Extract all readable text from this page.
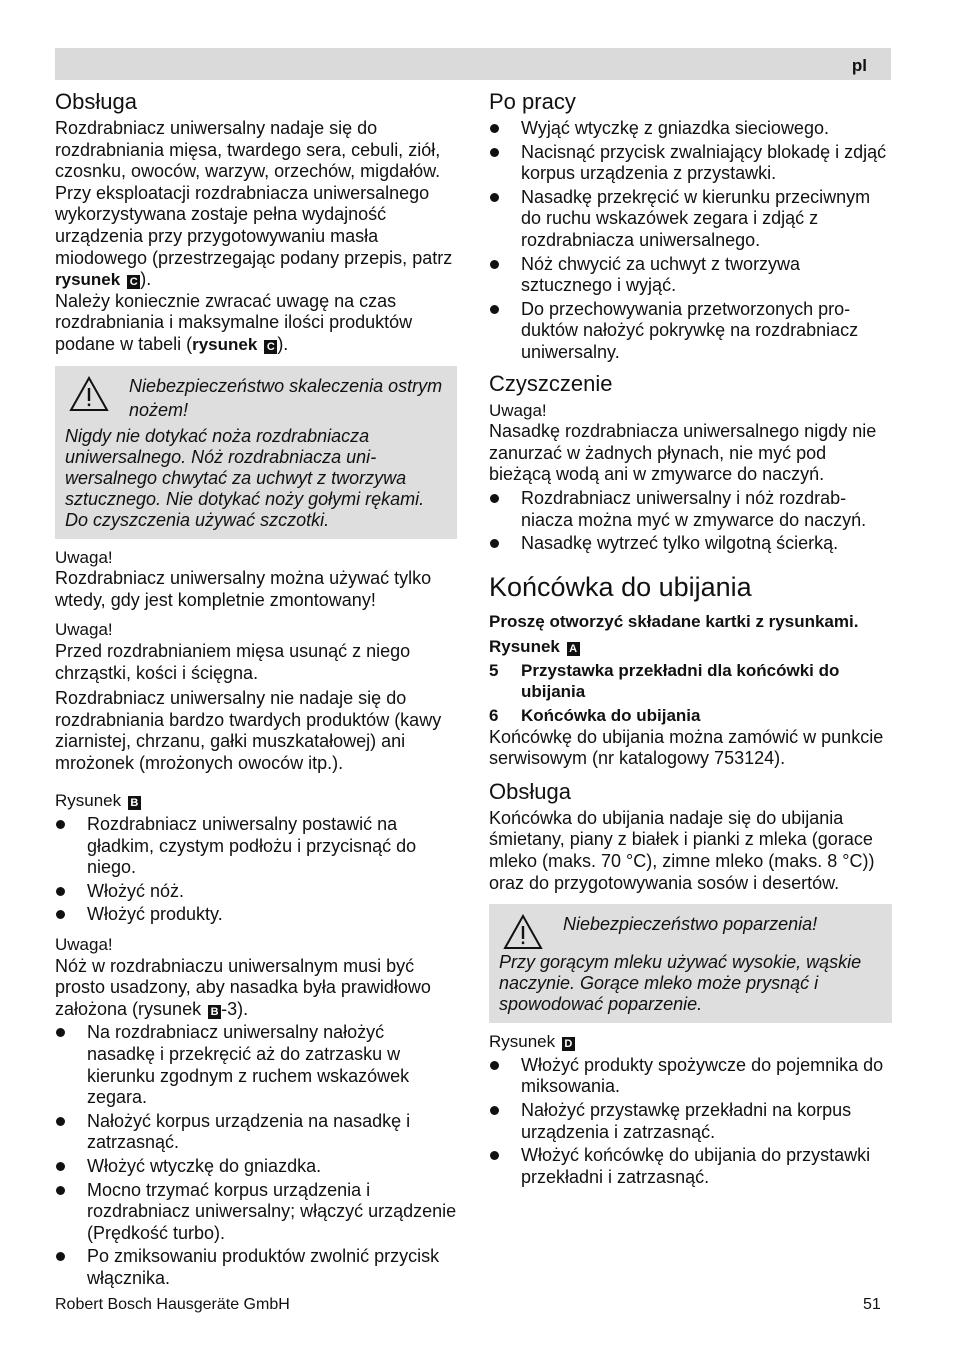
pl
Obsługa

Rozdrabniacz uniwersalny nadaje się do rozdrabniania mięsa, twardego sera, cebuli, ziół, czosnku, owoców, warzyw, orzechów, migdałów. Przy eksploatacji rozdrabniacza uniwersalnego wykorzystywana zostaje pełna wydajność urządzenia przy przygotowywaniu masła miodowego (przestrzegając podany przepis, patrz rysunek C ).

Należy koniecznie zwracać uwagę na czas rozdrabniania i maksymalne ilości produktów podane w tabeli (rysunek C ).

Niebezpieczeństwo skaleczenia ostrym nożem!
Nigdy nie dotykać noża rozdrabniacza uniwersalnego. Nóż rozdrabniacza uniwersalnego chwytać za uchwyt z tworzywa sztucznego. Nie dotykać noży gołymi rękami. Do czyszczenia używać szczotki.

Uwaga!

Rozdrabniacz uniwersalny można używać tylko wtedy, gdy jest kompletnie zmontowany!

Uwaga!

Przed rozdrabnianiem mięsa usunąć z niego chrząstki, kości i ścięgna.

Rozdrabniacz uniwersalny nie nadaje się do rozdrabniania bardzo twardych produktów (kawy ziarnistej, chrzanu, gałki muszkatałowej) ani mrożonek (mrożonych owoców itp.).

Rysunek B

Rozdrabniacz uniwersalny postawić na gładkim, czystym podłożu i przycisnąć do niego.
Włożyć nóż.
Włożyć produkty.

Uwaga!

Nóż w rozdrabniaczu uniwersalnym musi być prosto usadzony, aby nasadka była prawidłowo założona (rysunek B -3).

Na rozdrabniacz uniwersalny nałożyć nasadkę i przekręcić aż do zatrzasku w kierunku zgodnym z ruchem wskazówek zegara.
Nałożyć korpus urządzenia na nasadkę i zatrzasnąć.
Włożyć wtyczkę do gniazdka.
Mocno trzymać korpus urządzenia i rozdrabniacz uniwersalny; włączyć urządzenie (Prędkość turbo).
Po zmiksowaniu produktów zwolnić przycisk włącznika.
Po pracy
Wyjąć wtyczkę z gniazdka sieciowego.
Nacisnąć przycisk zwalniający blokadę i zdjąć korpus urządzenia z przystawki.
Nasadkę przekręcić w kierunku przeciwnym do ruchu wskazówek zegara i zdjąć z rozdrabniacza uniwersalnego.
Nóż chwycić za uchwyt z tworzywa sztucznego i wyjąć.
Do przechowywania przetworzonych produktów nałożyć pokrywkę na rozdrabniacz uniwersalny.
Czyszczenie

Uwaga!

Nasadkę rozdrabniacza uniwersalnego nigdy nie zanurzać w żadnych płynach, nie myć pod bieżącą wodą ani w zmywarce do naczyń.

Rozdrabniacz uniwersalny i nóż rozdrabniacza można myć w zmywarce do naczyń.
Nasadkę wytrzeć tylko wilgotną ścierką.
Końcówka do ubijania

Proszę otworzyć składane kartki z rysunkami.

Rysunek A

5 Przystawka przekładni dla końcówki do ubijania
6 Końcówka do ubijania

Końcówkę do ubijania można zamówić w punkcie serwisowym (nr katalogowy 753124).

Obsługa

Końcówka do ubijania nadaje się do ubijania śmietany, piany z białek i pianki z mleka (gorace mleko (maks. 70 °C), zimne mleko (maks. 8 °C)) oraz do przygotowywania sosów i desertów.

Niebezpieczeństwo poparzenia!
Przy gorącym mleku używać wysokie, wąskie naczynie. Gorące mleko może prysnąć i spowodować poparzenie.

Rysunek D

Włożyć produkty spożywcze do pojemnika do miksowania.
Nałożyć przystawkę przekładni na korpus urządzenia i zatrzasnąć.
Włożyć końcówkę do ubijania do przystawki przekładni i zatrzasnąć.
Robert Bosch Hausgeräte GmbH	51
